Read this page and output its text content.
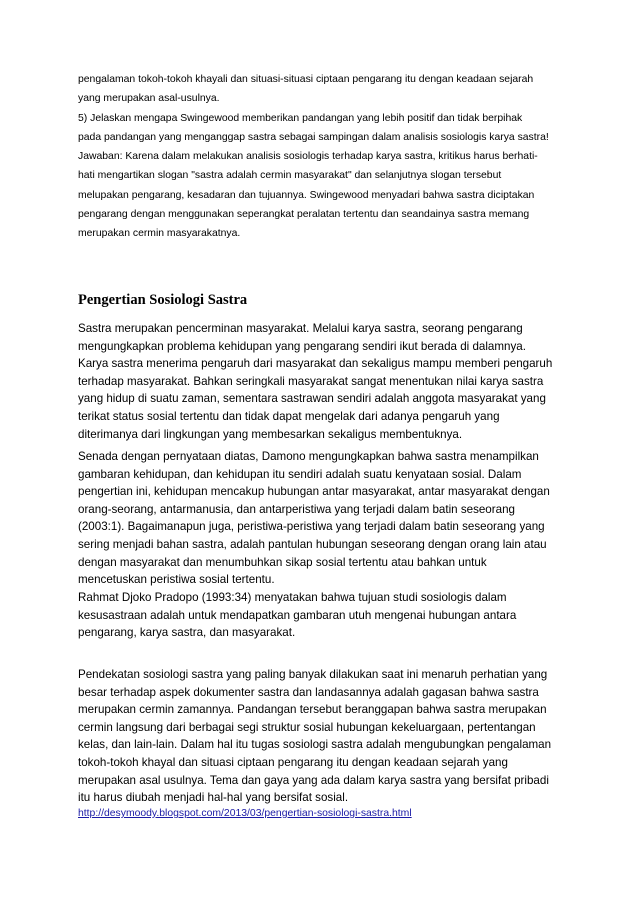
pengalaman tokoh-tokoh khayali dan situasi-situasi ciptaan pengarang itu dengan keadaan sejarah
yang merupakan asal-usulnya.
5) Jelaskan mengapa Swingewood memberikan pandangan yang lebih positif dan tidak berpihak
pada pandangan yang menganggap sastra sebagai sampingan dalam analisis sosiologis karya sastra!
Jawaban: Karena dalam melakukan analisis sosiologis terhadap karya sastra, kritikus harus berhati-
hati mengartikan slogan "sastra adalah cermin masyarakat" dan selanjutnya slogan tersebut
melupakan pengarang, kesadaran dan tujuannya. Swingewood menyadari bahwa sastra diciptakan
pengarang dengan menggunakan seperangkat peralatan tertentu dan seandainya sastra memang
merupakan cermin masyarakatnya.
Pengertian Sosiologi Sastra
Sastra merupakan pencerminan masyarakat. Melalui karya sastra, seorang pengarang
mengungkapkan problema kehidupan yang pengarang sendiri ikut berada di dalamnya.
Karya sastra menerima pengaruh dari masyarakat dan sekaligus mampu memberi pengaruh
terhadap masyarakat. Bahkan seringkali masyarakat sangat menentukan nilai karya sastra
yang hidup di suatu zaman, sementara sastrawan sendiri adalah anggota masyarakat yang
terikat status sosial tertentu dan tidak dapat mengelak dari adanya pengaruh yang
diterimanya dari lingkungan yang membesarkan sekaligus membentuknya.
Senada dengan pernyataan diatas, Damono mengungkapkan bahwa sastra menampilkan
gambaran kehidupan, dan kehidupan itu sendiri adalah suatu kenyataan sosial. Dalam
pengertian ini, kehidupan mencakup hubungan antar masyarakat, antar masyarakat dengan
orang-seorang, antarmanusia, dan antarperistiwa yang terjadi dalam batin seseorang
(2003:1). Bagaimanapun juga, peristiwa-peristiwa yang terjadi dalam batin seseorang yang
sering menjadi bahan sastra, adalah pantulan hubungan seseorang dengan orang lain atau
dengan masyarakat dan menumbuhkan sikap sosial tertentu atau bahkan untuk
mencetuskan peristiwa sosial tertentu.
Rahmat Djoko Pradopo (1993:34) menyatakan bahwa tujuan studi sosiologis dalam
kesusastraan adalah untuk mendapatkan gambaran utuh mengenai hubungan antara
pengarang, karya sastra, dan masyarakat.
Pendekatan sosiologi sastra yang paling banyak dilakukan saat ini menaruh perhatian yang
besar terhadap aspek dokumenter sastra dan landasannya adalah gagasan bahwa sastra
merupakan cermin zamannya. Pandangan tersebut beranggapan bahwa sastra merupakan
cermin langsung dari berbagai segi struktur sosial hubungan kekeluargaan, pertentangan
kelas, dan lain-lain. Dalam hal itu tugas sosiologi sastra adalah mengubungkan pengalaman
tokoh-tokoh khayal dan situasi ciptaan pengarang itu dengan keadaan sejarah yang
merupakan asal usulnya. Tema dan gaya yang ada dalam karya sastra yang bersifat pribadi
itu harus diubah menjadi hal-hal yang bersifat sosial.
http://desymoody.blogspot.com/2013/03/pengertian-sosiologi-sastra.html
